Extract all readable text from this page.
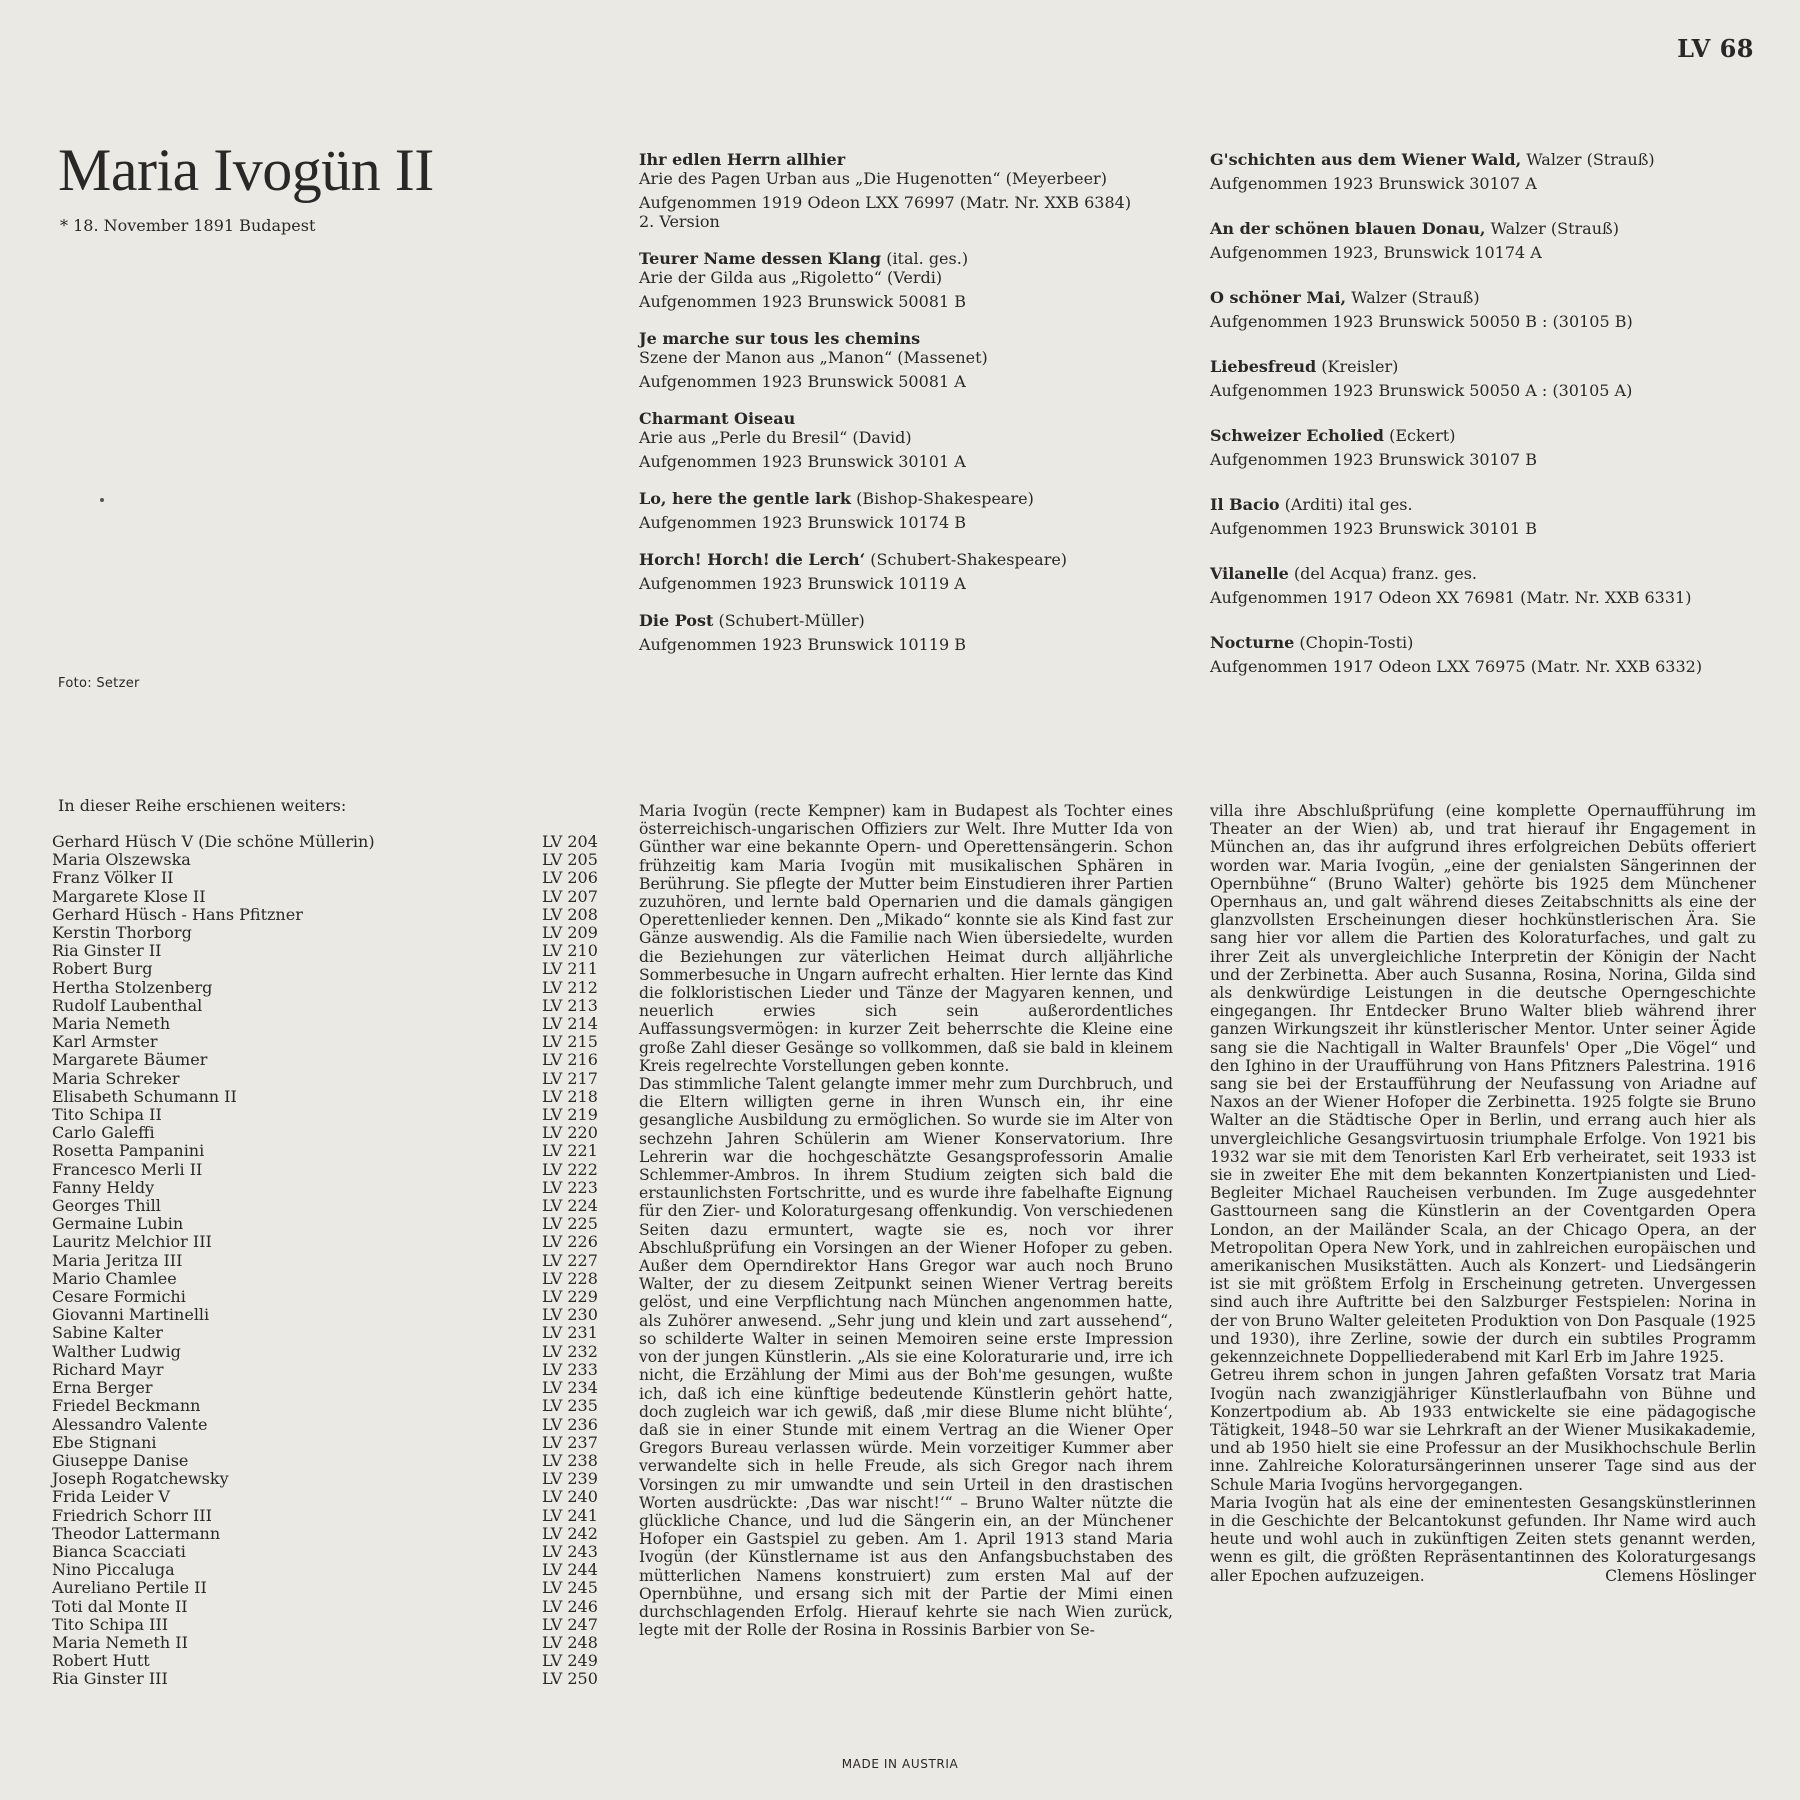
LV 68
Maria Ivogün II
* 18. November 1891 Budapest
Foto: Setzer
Ihr edlen Herrn allhier
Arie des Pagen Urban aus „Die Hugenotten“ (Meyerbeer)
Aufgenommen 1919 Odeon LXX 76997 (Matr. Nr. XXB 6384)
2. Version
Teurer Name dessen Klang (ital. ges.)
Arie der Gilda aus „Rigoletto“ (Verdi)
Aufgenommen 1923 Brunswick 50081 B
Je marche sur tous les chemins
Szene der Manon aus „Manon“ (Massenet)
Aufgenommen 1923 Brunswick 50081 A
Charmant Oiseau
Arie aus „Perle du Bresil“ (David)
Aufgenommen 1923 Brunswick 30101 A
Lo, here the gentle lark (Bishop-Shakespeare)
Aufgenommen 1923 Brunswick 10174 B
Horch! Horch! die Lerch‘ (Schubert-Shakespeare)
Aufgenommen 1923 Brunswick 10119 A
Die Post (Schubert-Müller)
Aufgenommen 1923 Brunswick 10119 B
G'schichten aus dem Wiener Wald, Walzer (Strauß)
Aufgenommen 1923 Brunswick 30107 A
An der schönen blauen Donau, Walzer (Strauß)
Aufgenommen 1923, Brunswick 10174 A
O schöner Mai, Walzer (Strauß)
Aufgenommen 1923 Brunswick 50050 B : (30105 B)
Liebesfreud (Kreisler)
Aufgenommen 1923 Brunswick 50050 A : (30105 A)
Schweizer Echolied (Eckert)
Aufgenommen 1923 Brunswick 30107 B
Il Bacio (Arditi) ital ges.
Aufgenommen 1923 Brunswick 30101 B
Vilanelle (del Acqua) franz. ges.
Aufgenommen 1917 Odeon XX 76981 (Matr. Nr. XXB 6331)
Nocturne (Chopin-Tosti)
Aufgenommen 1917 Odeon LXX 76975 (Matr. Nr. XXB 6332)
In dieser Reihe erschienen weiters:
Gerhard Hüsch V (Die schöne Müllerin)	LV 204
Maria Olszewska	LV 205
Franz Völker II	LV 206
Margarete Klose II	LV 207
Gerhard Hüsch - Hans Pfitzner	LV 208
Kerstin Thorborg	LV 209
Ria Ginster II	LV 210
Robert Burg	LV 211
Hertha Stolzenberg	LV 212
Rudolf Laubenthal	LV 213
Maria Nemeth	LV 214
Karl Armster	LV 215
Margarete Bäumer	LV 216
Maria Schreker	LV 217
Elisabeth Schumann II	LV 218
Tito Schipa II	LV 219
Carlo Galeffi	LV 220
Rosetta Pampanini	LV 221
Francesco Merli II	LV 222
Fanny Heldy	LV 223
Georges Thill	LV 224
Germaine Lubin	LV 225
Lauritz Melchior III	LV 226
Maria Jeritza III	LV 227
Mario Chamlee	LV 228
Cesare Formichi	LV 229
Giovanni Martinelli	LV 230
Sabine Kalter	LV 231
Walther Ludwig	LV 232
Richard Mayr	LV 233
Erna Berger	LV 234
Friedel Beckmann	LV 235
Alessandro Valente	LV 236
Ebe Stignani	LV 237
Giuseppe Danise	LV 238
Joseph Rogatchewsky	LV 239
Frida Leider V	LV 240
Friedrich Schorr III	LV 241
Theodor Lattermann	LV 242
Bianca Scacciati	LV 243
Nino Piccaluga	LV 244
Aureliano Pertile II	LV 245
Toti dal Monte II	LV 246
Tito Schipa III	LV 247
Maria Nemeth II	LV 248
Robert Hutt	LV 249
Ria Ginster III	LV 250

Maria Ivogün (recte Kempner) kam in Budapest als Tochter eines österreichisch-ungarischen Offiziers zur Welt. Ihre Mutter Ida von Günther war eine bekannte Opern- und Operettensängerin. Schon frühzeitig kam Maria Ivogün mit musikalischen Sphären in Berührung. Sie pflegte der Mutter beim Einstudieren ihrer Partien zuzuhören, und lernte bald Opernarien und die damals gängigen Operettenlieder kennen. Den „Mikado“ konnte sie als Kind fast zur Gänze auswendig. Als die Familie nach Wien übersiedelte, wurden die Beziehungen zur väterlichen Heimat durch alljährliche Sommerbesuche in Ungarn aufrecht erhalten. Hier lernte das Kind die folkloristischen Lieder und Tänze der Magyaren kennen, und neuerlich erwies sich sein außerordentliches Auffassungsvermögen: in kurzer Zeit beherrschte die Kleine eine große Zahl dieser Gesänge so vollkommen, daß sie bald in kleinem Kreis regelrechte Vorstellungen geben konnte.

Das stimmliche Talent gelangte immer mehr zum Durchbruch, und die Eltern willigten gerne in ihren Wunsch ein, ihr eine gesangliche Ausbildung zu ermöglichen. So wurde sie im Alter von sechzehn Jahren Schülerin am Wiener Konservatorium. Ihre Lehrerin war die hochgeschätzte Gesangsprofessorin Amalie Schlemmer-Ambros. In ihrem Studium zeigten sich bald die erstaunlichsten Fortschritte, und es wurde ihre fabelhafte Eignung für den Zier- und Koloraturgesang offenkundig. Von verschiedenen Seiten dazu ermuntert, wagte sie es, noch vor ihrer Abschlußprüfung ein Vorsingen an der Wiener Hofoper zu geben. Außer dem Operndirektor Hans Gregor war auch noch Bruno Walter, der zu diesem Zeitpunkt seinen Wiener Vertrag bereits gelöst, und eine Verpflichtung nach München angenommen hatte, als Zuhörer anwesend. „Sehr jung und klein und zart aussehend“, so schilderte Walter in seinen Memoiren seine erste Impression von der jungen Künstlerin. „Als sie eine Koloraturarie und, irre ich nicht, die Erzählung der Mimi aus der Boh'me gesungen, wußte ich, daß ich eine künftige bedeutende Künstlerin gehört hatte, doch zugleich war ich gewiß, daß ‚mir diese Blume nicht blühte‘, daß sie in einer Stunde mit einem Vertrag an die Wiener Oper Gregors Bureau verlassen würde. Mein vorzeitiger Kummer aber verwandelte sich in helle Freude, als sich Gregor nach ihrem Vorsingen zu mir umwandte und sein Urteil in den drastischen Worten ausdrückte: ‚Das war nischt!‘“ – Bruno Walter nützte die glückliche Chance, und lud die Sängerin ein, an der Münchener Hofoper ein Gastspiel zu geben. Am 1. April 1913 stand Maria Ivogün (der Künstlername ist aus den Anfangsbuchstaben des mütterlichen Namens konstruiert) zum ersten Mal auf der Opernbühne, und ersang sich mit der Partie der Mimi einen durchschlagenden Erfolg. Hierauf kehrte sie nach Wien zurück, legte mit der Rolle der Rosina in Rossinis Barbier von Se-

villa ihre Abschlußprüfung (eine komplette Opernaufführung im Theater an der Wien) ab, und trat hierauf ihr Engagement in München an, das ihr aufgrund ihres erfolgreichen Debüts offeriert worden war. Maria Ivogün, „eine der genialsten Sängerinnen der Opernbühne“ (Bruno Walter) gehörte bis 1925 dem Münchener Opernhaus an, und galt während dieses Zeitabschnitts als eine der glanzvollsten Erscheinungen dieser hochkünstlerischen Ära. Sie sang hier vor allem die Partien des Koloraturfaches, und galt zu ihrer Zeit als unvergleichliche Interpretin der Königin der Nacht und der Zerbinetta. Aber auch Susanna, Rosina, Norina, Gilda sind als denkwürdige Leistungen in die deutsche Operngeschichte eingegangen. Ihr Entdecker Bruno Walter blieb während ihrer ganzen Wirkungszeit ihr künstlerischer Mentor. Unter seiner Ägide sang sie die Nachtigall in Walter Braunfels' Oper „Die Vögel“ und den Ighino in der Uraufführung von Hans Pfitzners Palestrina. 1916 sang sie bei der Erstaufführung der Neufassung von Ariadne auf Naxos an der Wiener Hofoper die Zerbinetta. 1925 folgte sie Bruno Walter an die Städtische Oper in Berlin, und errang auch hier als unvergleichliche Gesangsvirtuosin triumphale Erfolge. Von 1921 bis 1932 war sie mit dem Tenoristen Karl Erb verheiratet, seit 1933 ist sie in zweiter Ehe mit dem bekannten Konzertpianisten und Lied-Begleiter Michael Raucheisen verbunden. Im Zuge ausgedehnter Gasttourneen sang die Künstlerin an der Coventgarden Opera London, an der Mailänder Scala, an der Chicago Opera, an der Metropolitan Opera New York, und in zahlreichen europäischen und amerikanischen Musikstätten. Auch als Konzert- und Liedsängerin ist sie mit größtem Erfolg in Erscheinung getreten. Unvergessen sind auch ihre Auftritte bei den Salzburger Festspielen: Norina in der von Bruno Walter geleiteten Produktion von Don Pasquale (1925 und 1930), ihre Zerline, sowie der durch ein subtiles Programm gekennzeichnete Doppelliederabend mit Karl Erb im Jahre 1925.

Getreu ihrem schon in jungen Jahren gefaßten Vorsatz trat Maria Ivogün nach zwanzigjähriger Künstlerlaufbahn von Bühne und Konzertpodium ab. Ab 1933 entwickelte sie eine pädagogische Tätigkeit, 1948–50 war sie Lehrkraft an der Wiener Musikakademie, und ab 1950 hielt sie eine Professur an der Musikhochschule Berlin inne. Zahlreiche Koloratursängerinnen unserer Tage sind aus der Schule Maria Ivogüns hervorgegangen.

Maria Ivogün hat als eine der eminentesten Gesangskünstlerinnen in die Geschichte der Belcantokunst gefunden. Ihr Name wird auch heute und wohl auch in zukünftigen Zeiten stets genannt werden, wenn es gilt, die größten Repräsentantinnen des Koloraturgesangs aller Epochen aufzuzeigen.	Clemens Höslinger
MADE IN AUSTRIA
